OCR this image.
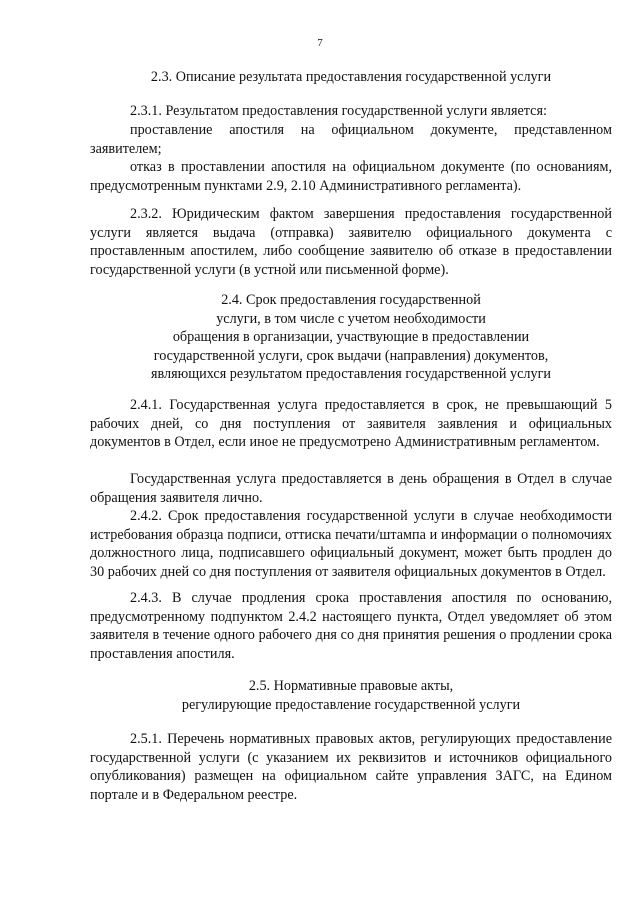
7

2.3. Описание результата предоставления государственной услуги

2.3.1. Результатом предоставления государственной услуги является:

проставление апостиля на официальном документе, представленном заявителем;

отказ в проставлении апостиля на официальном документе (по основаниям, предусмотренным пунктами 2.9, 2.10 Административного регламента).

2.3.2. Юридическим фактом завершения предоставления государственной услуги является выдача (отправка) заявителю официального документа с проставленным апостилем, либо сообщение заявителю об отказе в предоставлении государственной услуги (в устной или письменной форме).

2.4. Срок предоставления государственной
услуги, в том числе с учетом необходимости
обращения в организации, участвующие в предоставлении
государственной услуги, срок выдачи (направления) документов,
являющихся результатом предоставления государственной услуги

2.4.1. Государственная услуга предоставляется в срок, не превышающий 5 рабочих дней, со дня поступления от заявителя заявления и официальных документов в Отдел, если иное не предусмотрено Административным регламентом.

Государственная услуга предоставляется в день обращения в Отдел в случае обращения заявителя лично.

2.4.2. Срок предоставления государственной услуги в случае необходимости истребования образца подписи, оттиска печати/штампа и информации о полномочиях должностного лица, подписавшего официальный документ, может быть продлен до 30 рабочих дней со дня поступления от заявителя официальных документов в Отдел.

2.4.3. В случае продления срока проставления апостиля по основанию, предусмотренному подпунктом 2.4.2 настоящего пункта, Отдел уведомляет об этом заявителя в течение одного рабочего дня со дня принятия решения о продлении срока проставления апостиля.

2.5. Нормативные правовые акты,
регулирующие предоставление государственной услуги

2.5.1. Перечень нормативных правовых актов, регулирующих предоставление государственной услуги (с указанием их реквизитов и источников официального опубликования) размещен на официальном сайте управления ЗАГС, на Едином портале и в Федеральном реестре.
